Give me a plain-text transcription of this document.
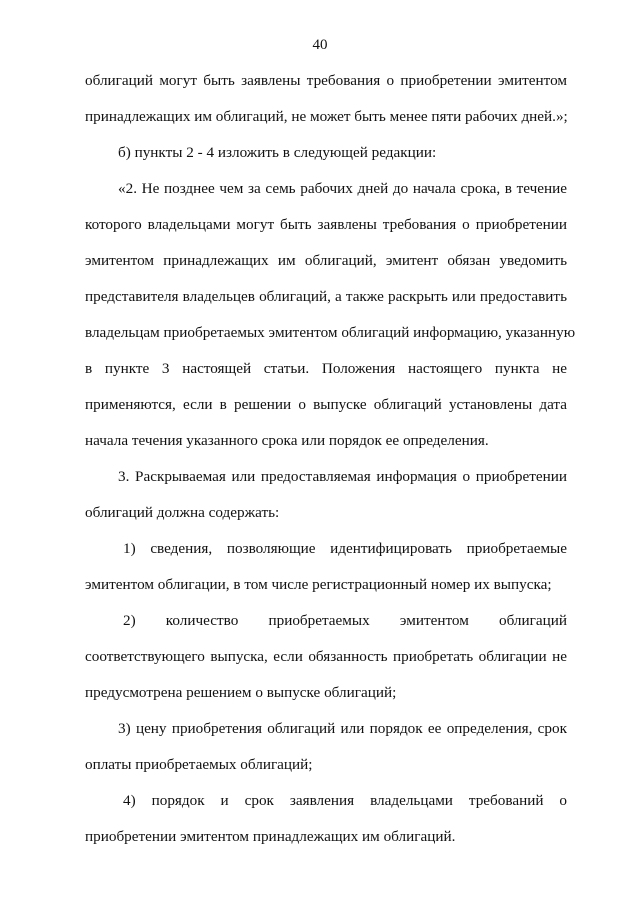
40
облигаций могут быть заявлены требования о приобретении эмитентом
принадлежащих им облигаций, не может быть менее пяти рабочих дней.»;
б) пункты 2 - 4 изложить в следующей редакции:
«2. Не позднее чем за семь рабочих дней до начала срока, в течение
которого владельцами могут быть заявлены требования о приобретении
эмитентом принадлежащих им облигаций, эмитент обязан уведомить
представителя владельцев облигаций, а также раскрыть или предоставить
владельцам приобретаемых эмитентом облигаций информацию, указанную
в пункте 3 настоящей статьи. Положения настоящего пункта не
применяются, если в решении о выпуске облигаций установлены дата
начала течения указанного срока или порядок ее определения.
3. Раскрываемая или предоставляемая информация о приобретении
облигаций должна содержать:
1) сведения, позволяющие идентифицировать приобретаемые
эмитентом облигации, в том числе регистрационный номер их выпуска;
2) количество приобретаемых эмитентом облигаций
соответствующего выпуска, если обязанность приобретать облигации не
предусмотрена решением о выпуске облигаций;
3) цену приобретения облигаций или порядок ее определения, срок
оплаты приобретаемых облигаций;
4) порядок и срок заявления владельцами требований о
приобретении эмитентом принадлежащих им облигаций.
